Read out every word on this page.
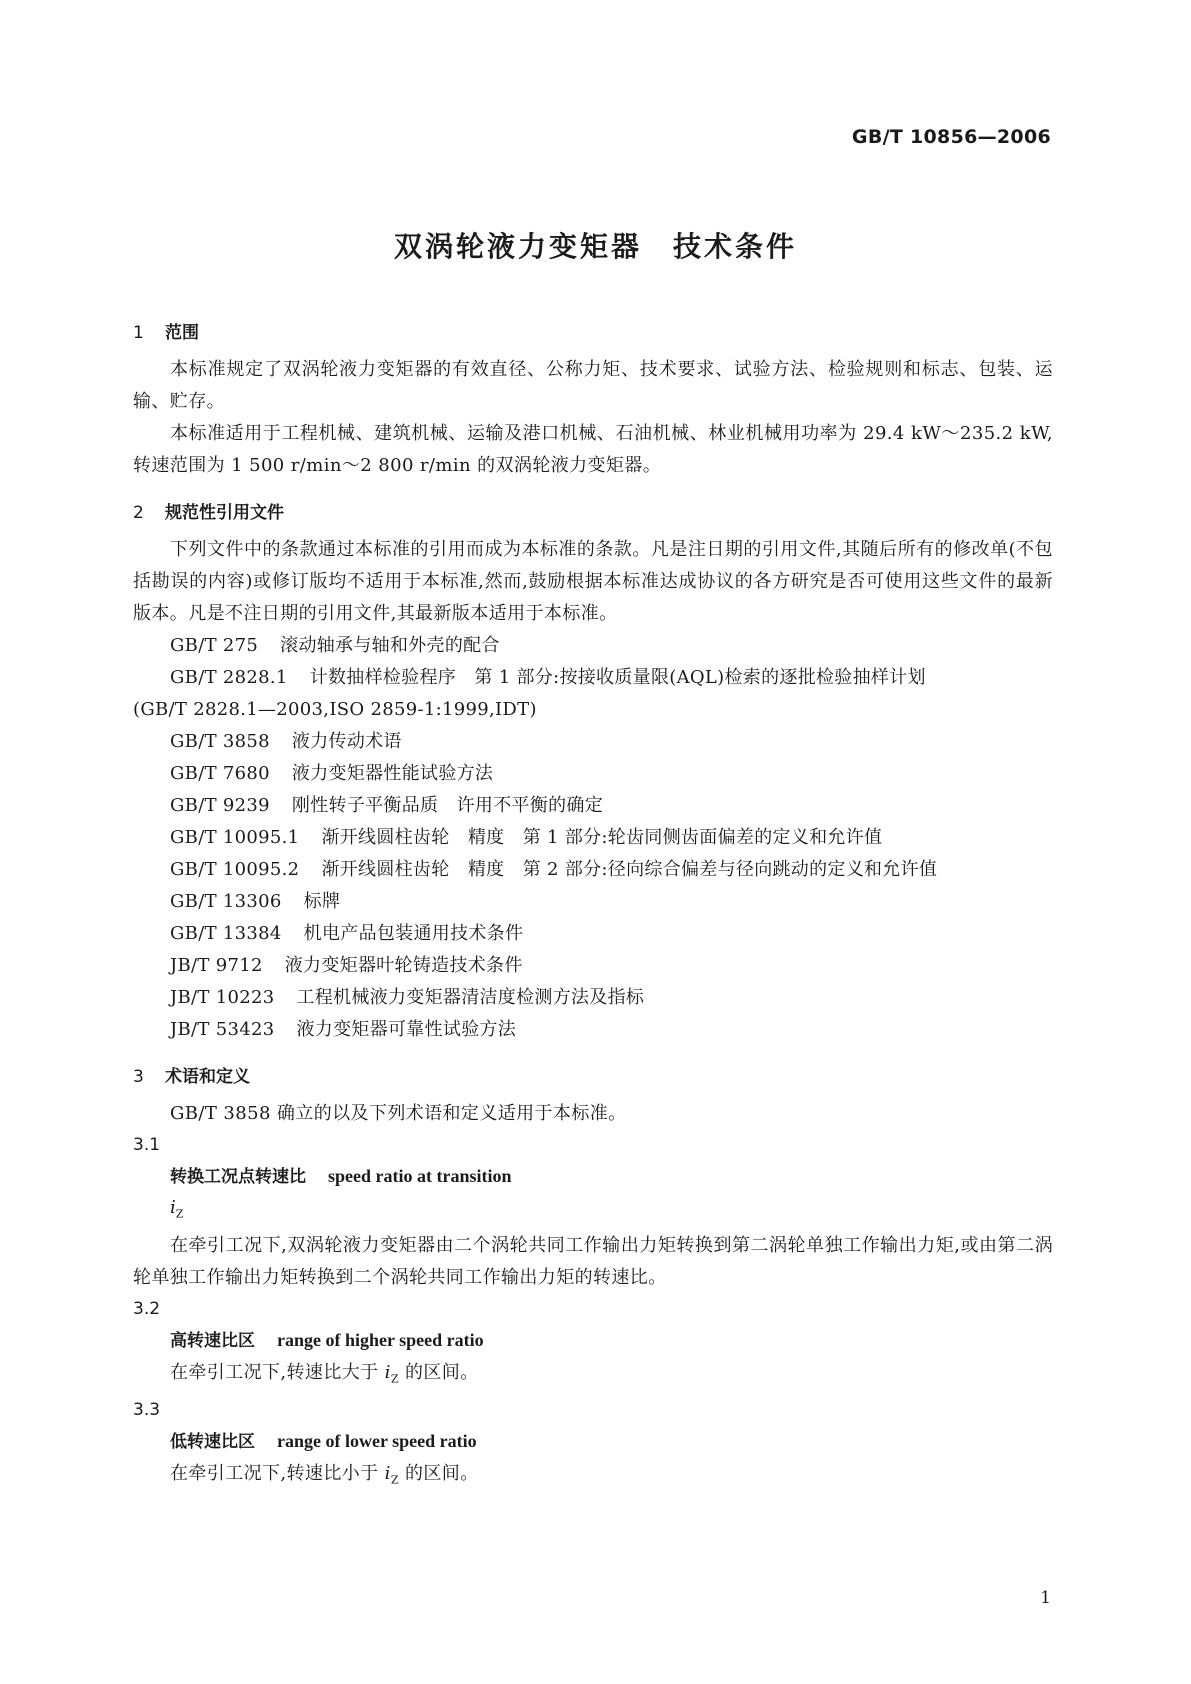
GB/T 10856—2006
双涡轮液力变矩器　技术条件
1 范围
本标准规定了双涡轮液力变矩器的有效直径、公称力矩、技术要求、试验方法、检验规则和标志、包装、运输、贮存。
本标准适用于工程机械、建筑机械、运输及港口机械、石油机械、林业机械用功率为 29.4 kW～235.2 kW,转速范围为 1 500 r/min～2 800 r/min 的双涡轮液力变矩器。
2 规范性引用文件
下列文件中的条款通过本标准的引用而成为本标准的条款。凡是注日期的引用文件,其随后所有的修改单(不包括勘误的内容)或修订版均不适用于本标准,然而,鼓励根据本标准达成协议的各方研究是否可使用这些文件的最新版本。凡是不注日期的引用文件,其最新版本适用于本标准。
GB/T 275 滚动轴承与轴和外壳的配合
GB/T 2828.1 计数抽样检验程序　第 1 部分:按接收质量限(AQL)检索的逐批检验抽样计划
(GB/T 2828.1—2003,ISO 2859-1:1999,IDT)
GB/T 3858 液力传动术语
GB/T 7680 液力变矩器性能试验方法
GB/T 9239 刚性转子平衡品质　许用不平衡的确定
GB/T 10095.1 渐开线圆柱齿轮　精度　第 1 部分:轮齿同侧齿面偏差的定义和允许值
GB/T 10095.2 渐开线圆柱齿轮　精度　第 2 部分:径向综合偏差与径向跳动的定义和允许值
GB/T 13306 标牌
GB/T 13384 机电产品包装通用技术条件
JB/T 9712 液力变矩器叶轮铸造技术条件
JB/T 10223 工程机械液力变矩器清洁度检测方法及指标
JB/T 53423 液力变矩器可靠性试验方法
3 术语和定义
GB/T 3858 确立的以及下列术语和定义适用于本标准。
3.1
转换工况点转速比 speed ratio at transition
$i_Z$
在牵引工况下,双涡轮液力变矩器由二个涡轮共同工作输出力矩转换到第二涡轮单独工作输出力矩,或由第二涡轮单独工作输出力矩转换到二个涡轮共同工作输出力矩的转速比。
3.2
高转速比区 range of higher speed ratio
在牵引工况下,转速比大于 $i_Z$ 的区间。
3.3
低转速比区 range of lower speed ratio
在牵引工况下,转速比小于 $i_Z$ 的区间。
1
